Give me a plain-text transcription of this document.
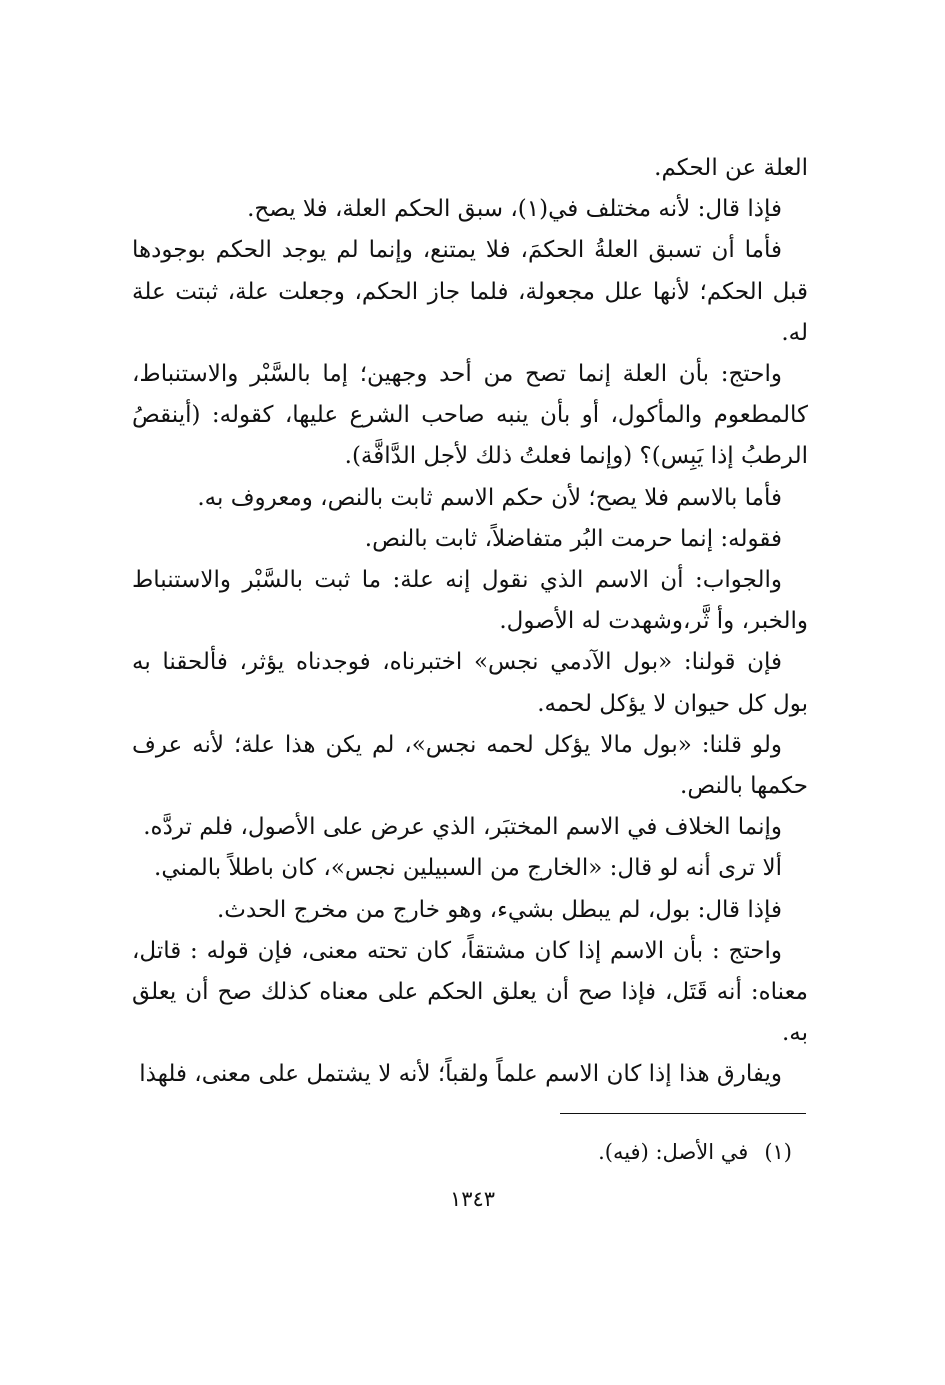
العلة عن الحكم.

فإذا قال: لأنه مختلف في(١)، سبق الحكم العلة، فلا يصح.

فأما أن تسبق العلةُ الحكمَ، فلا يمتنع، وإنما لم يوجد الحكم بوجودها قبل الحكم؛ لأنها علل مجعولة، فلما جاز الحكم، وجعلت علة، ثبتت علة له.

واحتج: بأن العلة إنما تصح من أحد وجهين؛ إما بالسَّبْر والاستنباط، كالمطعوم والمأكول، أو بأن ينبه صاحب الشرع عليها، كقوله: (أينقصُ الرطبُ إذا يَبِس)؟ (وإنما فعلتُ ذلك لأجل الدَّافَّة).

فأما بالاسم فلا يصح؛ لأن حكم الاسم ثابت بالنص، ومعروف به.

فقوله: إنما حرمت البُر متفاضلاً، ثابت بالنص.

والجواب: أن الاسم الذي نقول إنه علة: ما ثبت بالسَّبْر والاستنباط والخبر، وأ ثَّر،وشهدت له الأصول.

فإن قولنا: «بول الآدمي نجس» اختبرناه، فوجدناه يؤثر، فألحقنا به بول كل حيوان لا يؤكل لحمه.

ولو قلنا: «بول مالا يؤكل لحمه نجس»، لم يكن هذا علة؛ لأنه عرف حكمها بالنص.

وإنما الخلاف في الاسم المختبَر، الذي عرض على الأصول، فلم تردَّه.

ألا ترى أنه لو قال: «الخارج من السبيلين نجس»، كان باطلاً بالمني.

فإذا قال: بول، لم يبطل بشيء، وهو خارج من مخرج الحدث.

واحتج : بأن الاسم إذا كان مشتقاً، كان تحته معنى، فإن قوله : قاتل، معناه: أنه قَتَل، فإذا صح أن يعلق الحكم على معناه كذلك صح أن يعلق به.

ويفارق هذا إذا كان الاسم علماً ولقباً؛ لأنه لا يشتمل على معنى، فلهذا

(١)في الأصل: (فيه).
١٣٤٣
